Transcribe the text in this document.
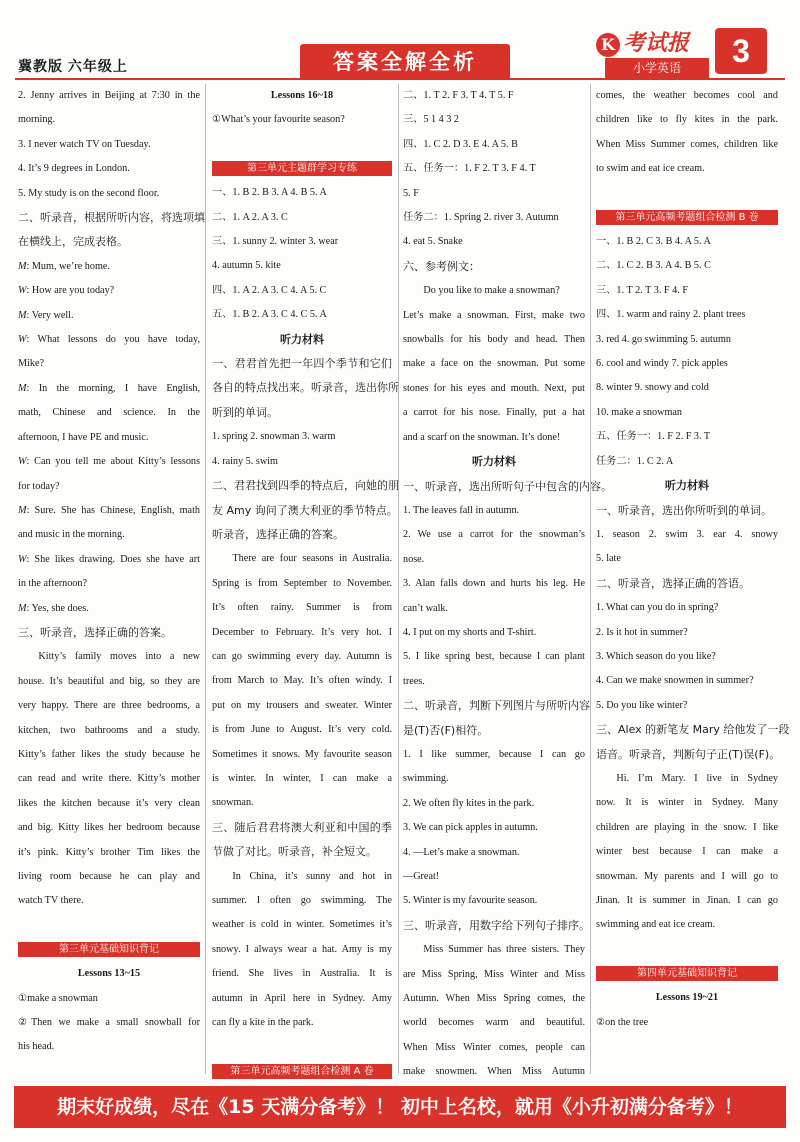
冀教版 六年级上	答案全解全析
K 考试报
小学英语	3
2. Jenny arrives in Beijing at 7:30 in the
morning.
3. I never watch TV on Tuesday.
4. It’s 9 degrees in London.
5. My study is on the second floor.
二、听录音，根据所听内容，将选项填
在横线上，完成表格。
M: Mum, we’re home.
W: How are you today?
M: Very well.
W: What lessons do you have today,
Mike?
M: In the morning, I have English,
math, Chinese and science. In the
afternoon, I have PE and music.
W: Can you tell me about Kitty’s lessons
for today?
M: Sure. She has Chinese, English, math
and music in the morning.
W: She likes drawing. Does she have art
in the afternoon?
M: Yes, she does.
三、听录音，选择正确的答案。
Kitty’s family moves into a new
house. It’s beautiful and big, so they are
very happy. There are three bedrooms, a
kitchen, two bathrooms and a study.
Kitty’s father likes the study because he
can read and write there. Kitty’s mother
likes the kitchen because it’s very clean
and big. Kitty likes her bedroom because
it’s pink. Kitty’s brother Tim likes the
living room because he can play and
watch TV there.

第三单元基础知识背记
Lessons 13~15
①make a snowman
②Then we make a small snowball for
his head.
Lessons 16~18
①What’s your favourite season?

第三单元主题群学习专练
一、1. B 2. B 3. A 4. B 5. A
二、1. A 2. A 3. C
三、1. sunny 2. winter 3. wear
4. autumn 5. kite
四、1. A 2. A 3. C 4. A 5. C
五、1. B 2. A 3. C 4. C 5. A
听力材料
一、君君首先把一年四个季节和它们
各自的特点找出来。听录音，选出你所
听到的单词。
1. spring 2. snowman 3. warm
4. rainy 5. swim
二、君君找到四季的特点后，向她的朋
友 Amy 询问了澳大利亚的季节特点。
听录音，选择正确的答案。
There are four seasons in Australia.
Spring is from September to November.
It’s often rainy. Summer is from
December to February. It’s very hot. I
can go swimming every day. Autumn is
from March to May. It’s often windy. I
put on my trousers and sweater. Winter
is from June to August. It’s very cold.
Sometimes it snows. My favourite season
is winter. In winter, I can make a
snowman.
三、随后君君将澳大利亚和中国的季
节做了对比。听录音，补全短文。
In China, it’s sunny and hot in
summer. I often go swimming. The
weather is cold in winter. Sometimes it’s
snowy. I always wear a hat. Amy is my
friend. She lives in Australia. It is
autumn in April here in Sydney. Amy
can fly a kite in the park.

第三单元高频考题组合检测 A 卷
二、1. T 2. F 3. T 4. T 5. F
三、5 1 4 3 2
四、1. C 2. D 3. E 4. A 5. B
五、任务一：1. F 2. T 3. F 4. T
5. F
任务二：1. Spring 2. river 3. Autumn
4. eat 5. Snake
六、参考例文：
Do you like to make a snowman?
Let’s make a snowman. First, make two
snowballs for his body and head. Then
make a face on the snowman. Put some
stones for his eyes and mouth. Next, put
a carrot for his nose. Finally, put a hat
and a scarf on the snowman. It’s done!
听力材料
一、听录音，选出所听句子中包含的内容。
1. The leaves fall in autumn.
2. We use a carrot for the snowman’s
nose.
3. Alan falls down and hurts his leg. He
can’t walk.
4. I put on my shorts and T-shirt.
5. I like spring best, because I can plant
trees.
二、听录音，判断下列图片与所听内容
是(T)否(F)相符。
1. I like summer, because I can go
swimming.
2. We often fly kites in the park.
3. We can pick apples in autumn.
4. —Let’s make a snowman.
—Great!
5. Winter is my favourite season.
三、听录音，用数字给下列句子排序。
Miss Summer has three sisters. They
are Miss Spring, Miss Winter and Miss
Autumn. When Miss Spring comes, the
world becomes warm and beautiful.
When Miss Winter comes, people can
make snowmen. When Miss Autumn
comes, the weather becomes cool and
children like to fly kites in the park.
When Miss Summer comes, children like
to swim and eat ice cream.

第三单元高频考题组合检测 B 卷
一、1. B 2. C 3. B 4. A 5. A
二、1. C 2. B 3. A 4. B 5. C
三、1. T 2. T 3. F 4. F
四、1. warm and rainy 2. plant trees
3. red 4. go swimming 5. autumn
6. cool and windy 7. pick apples
8. winter 9. snowy and cold
10. make a snowman
五、任务一：1. F 2. F 3. T
任务二：1. C 2. A
听力材料
一、听录音，选出你所听到的单词。
1. season 2. swim 3. ear 4. snowy
5. late
二、听录音，选择正确的答语。
1. What can you do in spring?
2. Is it hot in summer?
3. Which season do you like?
4. Can we make snowmen in summer?
5. Do you like winter?
三、Alex 的新笔友 Mary 给他发了一段
语音。听录音，判断句子正(T)误(F)。
Hi. I’m Mary. I live in Sydney
now. It is winter in Sydney. Many
children are playing in the snow. I like
winter best because I can make a
snowman. My parents and I will go to
Jinan. It is summer in Jinan. I can go
swimming and eat ice cream.

第四单元基础知识背记
Lessons 19~21
②on the tree
期末好成绩，尽在《15 天满分备考》！ 初中上名校，就用《小升初满分备考》！
